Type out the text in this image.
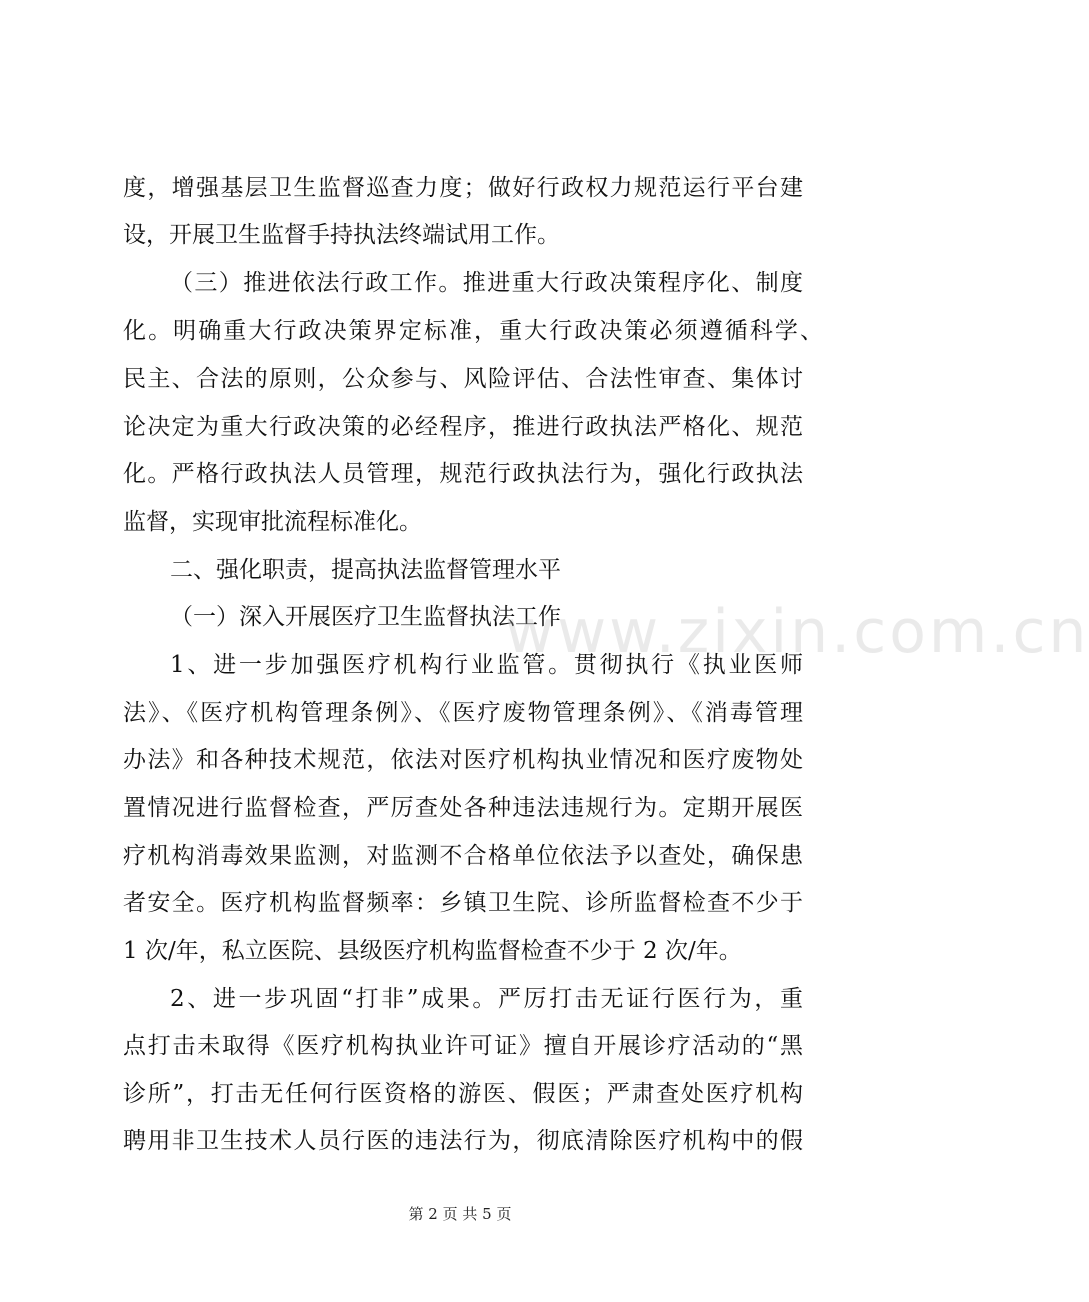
度，增强基层卫生监督巡查力度；做好行政权力规范运行平台建
设，开展卫生监督手持执法终端试用工作。
（三）推进依法行政工作。推进重大行政决策程序化、制度
化。明确重大行政决策界定标准，重大行政决策必须遵循科学、
民主、合法的原则，公众参与、风险评估、合法性审查、集体讨
论决定为重大行政决策的必经程序，推进行政执法严格化、规范
化。严格行政执法人员管理，规范行政执法行为，强化行政执法
监督，实现审批流程标准化。
二、强化职责，提高执法监督管理水平
（一）深入开展医疗卫生监督执法工作
1、进一步加强医疗机构行业监管。贯彻执行《执业医师
法》、《医疗机构管理条例》、《医疗废物管理条例》、《消毒管理
办法》和各种技术规范，依法对医疗机构执业情况和医疗废物处
置情况进行监督检查，严厉查处各种违法违规行为。定期开展医
疗机构消毒效果监测，对监测不合格单位依法予以查处，确保患
者安全。医疗机构监督频率：乡镇卫生院、诊所监督检查不少于
1 次/年，私立医院、县级医疗机构监督检查不少于 2 次/年。
2、进一步巩固“打非”成果。严厉打击无证行医行为，重
点打击未取得《医疗机构执业许可证》擅自开展诊疗活动的“黑
诊所”，打击无任何行医资格的游医、假医；严肃查处医疗机构
聘用非卫生技术人员行医的违法行为，彻底清除医疗机构中的假
www.zixin.com.cn
第 2 页 共 5 页
